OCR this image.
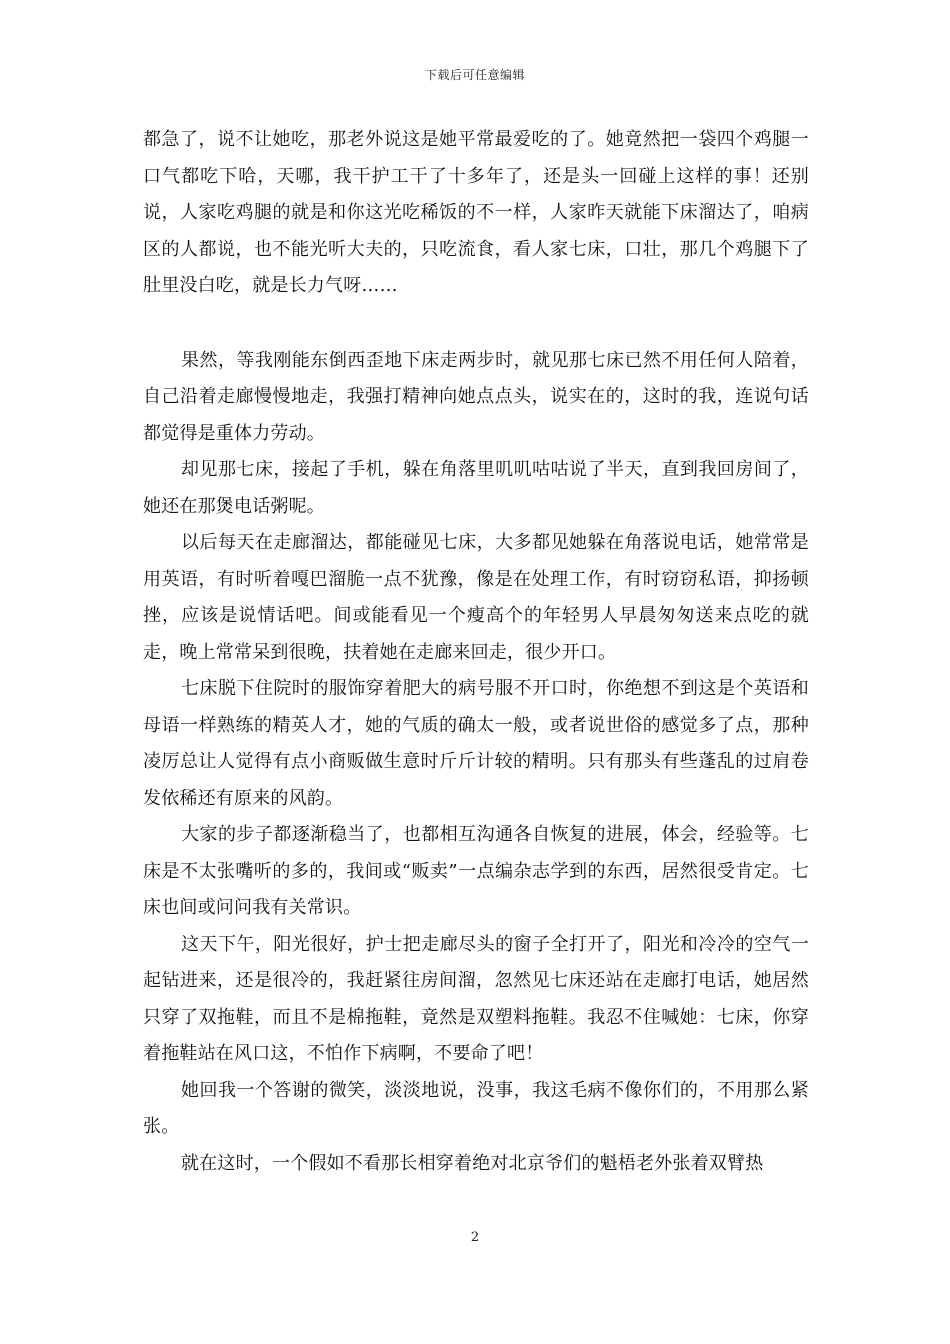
下载后可任意编辑

都急了，说不让她吃，那老外说这是她平常最爱吃的了。她竟然把一袋四个鸡腿一口气都吃下哈，天哪，我干护工干了十多年了，还是头一回碰上这样的事！还别说，人家吃鸡腿的就是和你这光吃稀饭的不一样，人家昨天就能下床溜达了，咱病区的人都说，也不能光听大夫的，只吃流食，看人家七床，口壮，那几个鸡腿下了肚里没白吃，就是长力气呀……

果然，等我刚能东倒西歪地下床走两步时，就见那七床已然不用任何人陪着，自己沿着走廊慢慢地走，我强打精神向她点点头，说实在的，这时的我，连说句话都觉得是重体力劳动。

却见那七床，接起了手机，躲在角落里叽叽咕咕说了半天，直到我回房间了，她还在那煲电话粥呢。

以后每天在走廊溜达，都能碰见七床，大多都见她躲在角落说电话，她常常是用英语，有时听着嘎巴溜脆一点不犹豫，像是在处理工作，有时窃窃私语，抑扬顿挫，应该是说情话吧。间或能看见一个瘦高个的年轻男人早晨匆匆送来点吃的就走，晚上常常呆到很晚，扶着她在走廊来回走，很少开口。

七床脱下住院时的服饰穿着肥大的病号服不开口时，你绝想不到这是个英语和母语一样熟练的精英人才，她的气质的确太一般，或者说世俗的感觉多了点，那种凌厉总让人觉得有点小商贩做生意时斤斤计较的精明。只有那头有些蓬乱的过肩卷发依稀还有原来的风韵。

大家的步子都逐渐稳当了，也都相互沟通各自恢复的进展，体会，经验等。七床是不太张嘴听的多的，我间或“贩卖”一点编杂志学到的东西，居然很受肯定。七床也间或问问我有关常识。

这天下午，阳光很好，护士把走廊尽头的窗子全打开了，阳光和冷冷的空气一起钻进来，还是很冷的，我赶紧往房间溜，忽然见七床还站在走廊打电话，她居然只穿了双拖鞋，而且不是棉拖鞋，竟然是双塑料拖鞋。我忍不住喊她：七床，你穿着拖鞋站在风口这，不怕作下病啊，不要命了吧！

她回我一个答谢的微笑，淡淡地说，没事，我这毛病不像你们的，不用那么紧张。

就在这时，一个假如不看那长相穿着绝对北京爷们的魁梧老外张着双臂热

2
